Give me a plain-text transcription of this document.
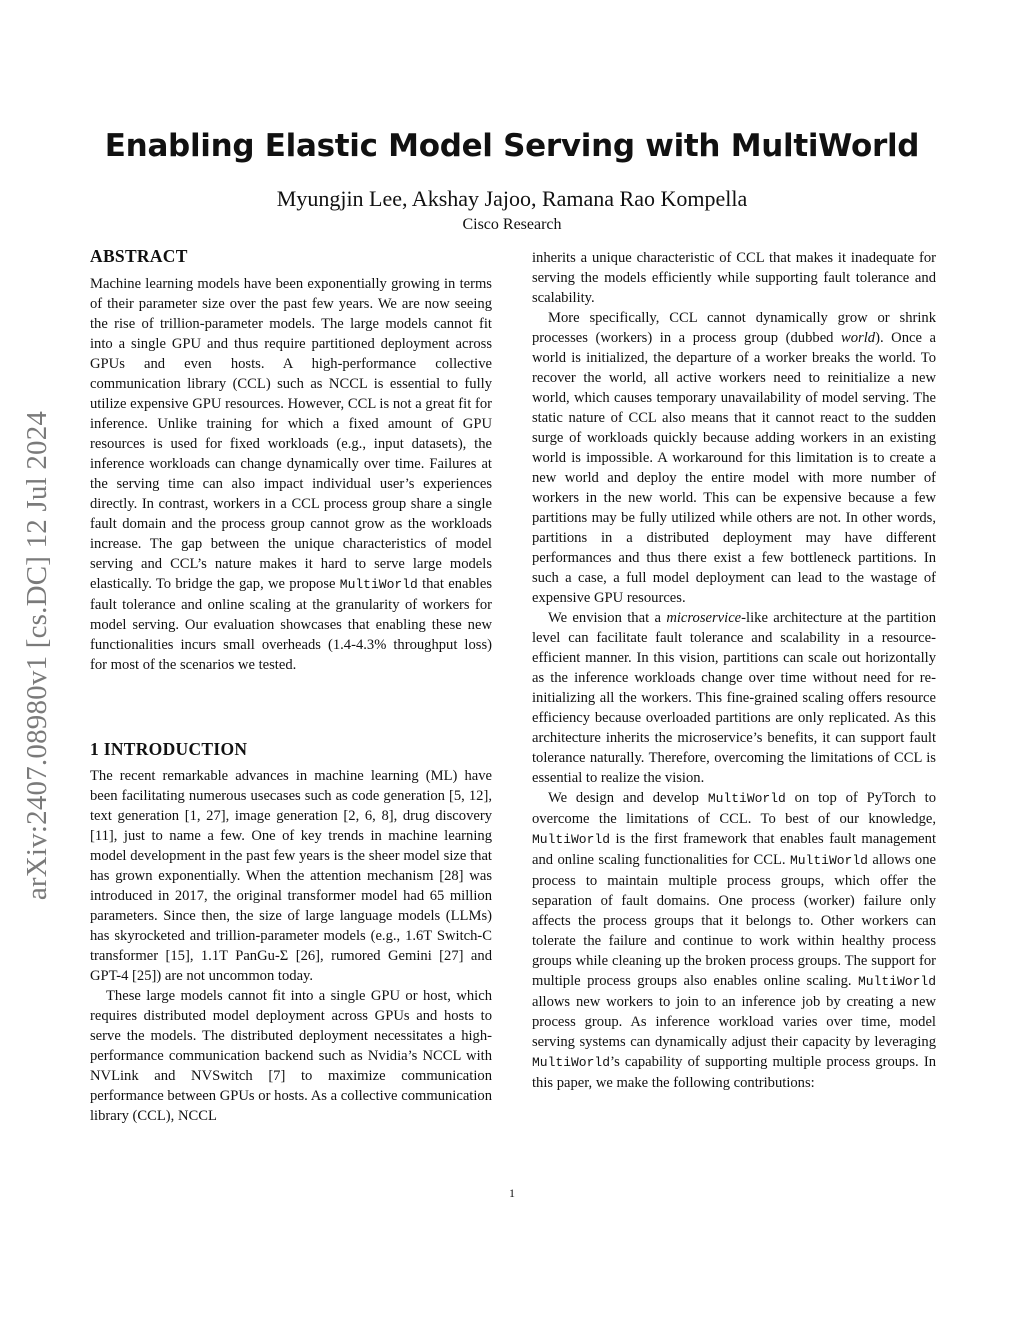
arXiv:2407.08980v1 [cs.DC] 12 Jul 2024
Enabling Elastic Model Serving with MultiWorld
Myungjin Lee, Akshay Jajoo, Ramana Rao Kompella
Cisco Research
ABSTRACT

Machine learning models have been exponentially growing in terms of their parameter size over the past few years. We are now seeing the rise of trillion-parameter models. The large models cannot fit into a single GPU and thus require partitioned deployment across GPUs and even hosts. A high-performance collective communication library (CCL) such as NCCL is essential to fully utilize expensive GPU resources. However, CCL is not a great fit for inference. Unlike training for which a fixed amount of GPU resources is used for fixed workloads (e.g., input datasets), the inference workloads can change dynamically over time. Failures at the serving time can also impact individual user’s experiences directly. In contrast, workers in a CCL process group share a single fault domain and the process group cannot grow as the workloads increase. The gap between the unique characteristics of model serving and CCL’s nature makes it hard to serve large models elastically. To bridge the gap, we propose MultiWorld that enables fault tolerance and online scaling at the granularity of workers for model serving. Our evaluation showcases that enabling these new functionalities incurs small overheads (1.4-4.3% throughput loss) for most of the scenarios we tested.

1 INTRODUCTION

The recent remarkable advances in machine learning (ML) have been facilitating numerous usecases such as code generation [5, 12], text generation [1, 27], image generation [2, 6, 8], drug discovery [11], just to name a few. One of key trends in machine learning model development in the past few years is the sheer model size that has grown exponentially. When the attention mechanism [28] was introduced in 2017, the original transformer model had 65 million parameters. Since then, the size of large language models (LLMs) has skyrocketed and trillion-parameter models (e.g., 1.6T Switch-C transformer [15], 1.1T PanGu-Σ [26], rumored Gemini [27] and GPT-4 [25]) are not uncommon today.

These large models cannot fit into a single GPU or host, which requires distributed model deployment across GPUs and hosts to serve the models. The distributed deployment necessitates a high-performance communication backend such as Nvidia’s NCCL with NVLink and NVSwitch [7] to maximize communication performance between GPUs or hosts. As a collective communication library (CCL), NCCL

inherits a unique characteristic of CCL that makes it inadequate for serving the models efficiently while supporting fault tolerance and scalability.

More specifically, CCL cannot dynamically grow or shrink processes (workers) in a process group (dubbed world). Once a world is initialized, the departure of a worker breaks the world. To recover the world, all active workers need to reinitialize a new world, which causes temporary unavailability of model serving. The static nature of CCL also means that it cannot react to the sudden surge of workloads quickly because adding workers in an existing world is impossible. A workaround for this limitation is to create a new world and deploy the entire model with more number of workers in the new world. This can be expensive because a few partitions may be fully utilized while others are not. In other words, partitions in a distributed deployment may have different performances and thus there exist a few bottleneck partitions. In such a case, a full model deployment can lead to the wastage of expensive GPU resources.

We envision that a microservice-like architecture at the partition level can facilitate fault tolerance and scalability in a resource-efficient manner. In this vision, partitions can scale out horizontally as the inference workloads change over time without need for re-initializing all the workers. This fine-grained scaling offers resource efficiency because overloaded partitions are only replicated. As this architecture inherits the microservice’s benefits, it can support fault tolerance naturally. Therefore, overcoming the limitations of CCL is essential to realize the vision.

We design and develop MultiWorld on top of PyTorch to overcome the limitations of CCL. To best of our knowledge, MultiWorld is the first framework that enables fault management and online scaling functionalities for CCL. MultiWorld allows one process to maintain multiple process groups, which offer the separation of fault domains. One process (worker) failure only affects the process groups that it belongs to. Other workers can tolerate the failure and continue to work within healthy process groups while cleaning up the broken process groups. The support for multiple process groups also enables online scaling. MultiWorld allows new workers to join to an inference job by creating a new process group. As inference workload varies over time, model serving systems can dynamically adjust their capacity by leveraging MultiWorld’s capability of supporting multiple process groups. In this paper, we make the following contributions:

1
